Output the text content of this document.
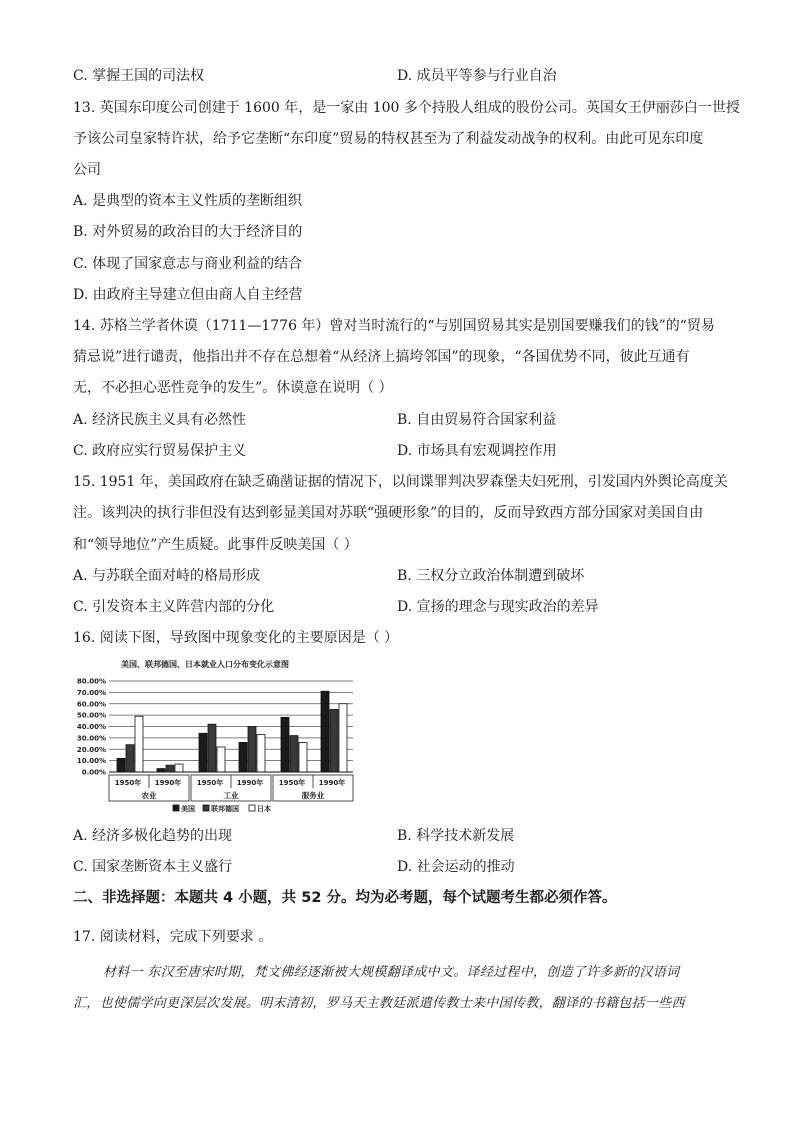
C. 掌握王国的司法权	D. 成员平等参与行业自治
13. 英国东印度公司创建于 1600 年，是一家由 100 多个持股人组成的股份公司。英国女王伊丽莎白一世授
予该公司皇家特许状，给予它垄断“东印度”贸易的特权甚至为了利益发动战争的权利。由此可见东印度
公司
A. 是典型的资本主义性质的垄断组织
B. 对外贸易的政治目的大于经济目的
C. 体现了国家意志与商业利益的结合
D. 由政府主导建立但由商人自主经营
14. 苏格兰学者休谟（1711—1776 年）曾对当时流行的“与别国贸易其实是别国要赚我们的钱”的“贸易
猜忌说”进行谴责，他指出并不存在总想着“从经济上搞垮邻国”的现象，“各国优势不同，彼此互通有
无，不必担心恶性竞争的发生”。休谟意在说明（ ）
A. 经济民族主义具有必然性	B. 自由贸易符合国家利益
C. 政府应实行贸易保护主义	D. 市场具有宏观调控作用
15. 1951 年，美国政府在缺乏确凿证据的情况下，以间谍罪判决罗森堡夫妇死刑，引发国内外舆论高度关
注。该判决的执行非但没有达到彰显美国对苏联“强硬形象”的目的，反而导致西方部分国家对美国自由
和“领导地位”产生质疑。此事件反映美国（ ）
A. 与苏联全面对峙的格局形成	B. 三权分立政治体制遭到破坏
C. 引发资本主义阵营内部的分化	D. 宣扬的理念与现实政治的差异
16. 阅读下图，导致图中现象变化的主要原因是（ ）
美国、联邦德国、日本就业人口分布变化示意图
80.00%
70.00%
60.00%
50.00%
40.00%
30.00%
20.00%
10.00%
0.00%
农业	工业	服务业
1950年 1990年 1950年 1990年 1950年 1990年
美国 联邦德国	日本
A. 经济多极化趋势的出现	B. 科学技术新发展
C. 国家垄断资本主义盛行	D. 社会运动的推动
二、非选择题：本题共 4 小题，共 52 分。均为必考题，每个试题考生都必须作答。
17. 阅读材料，完成下列要求 。
材料一 东汉至唐宋时期，梵文佛经逐渐被大规模翻译成中文。译经过程中，创造了许多新的汉语词
汇，也使儒学向更深层次发展。明末清初，罗马天主教廷派遣传教士来中国传教，翻译的书籍包括一些西
